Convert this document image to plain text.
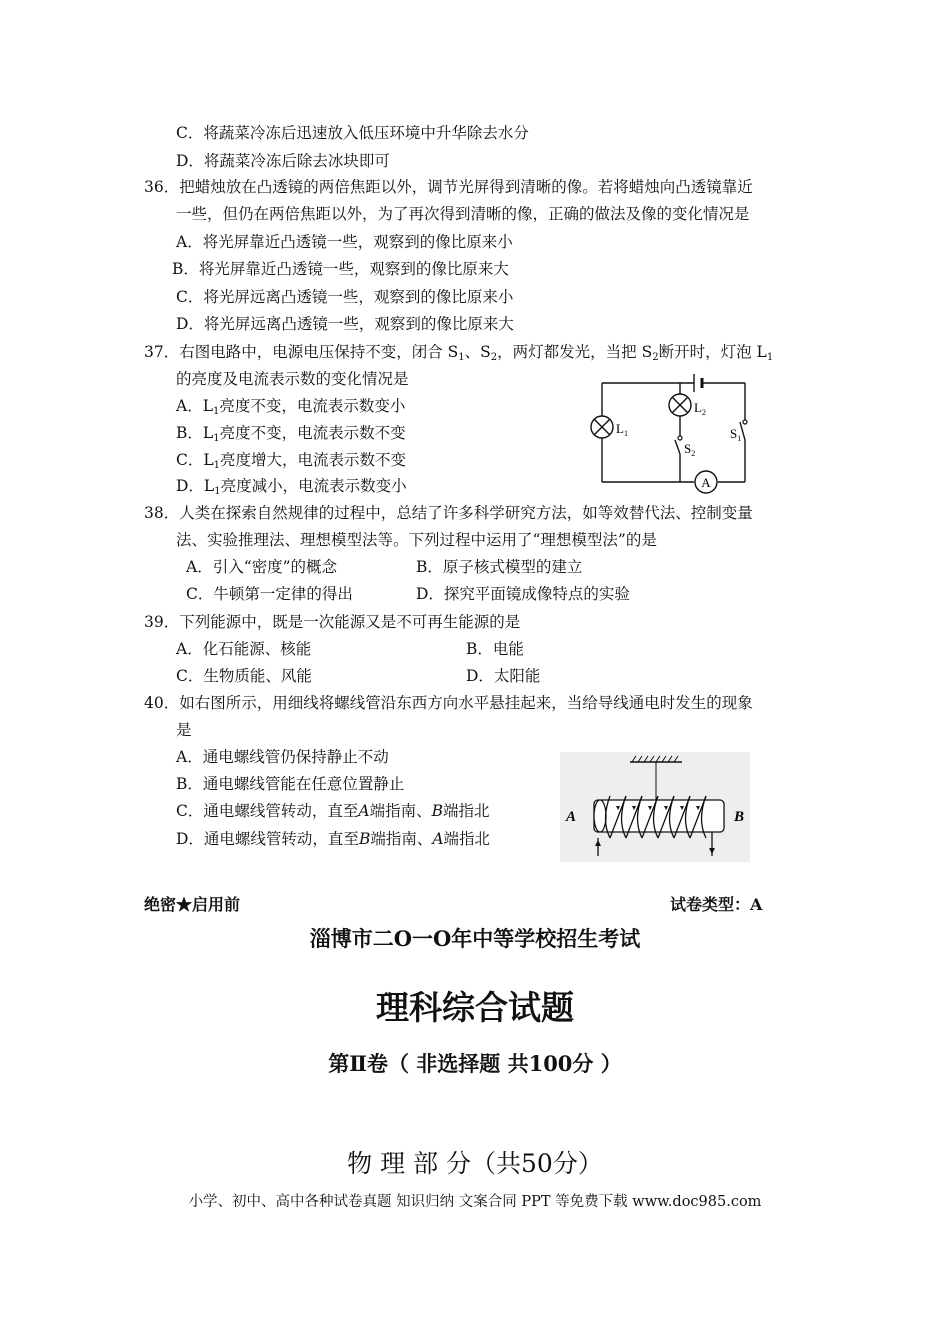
C．将蔬菜冷冻后迅速放入低压环境中升华除去水分
D．将蔬菜冷冻后除去冰块即可
36．把蜡烛放在凸透镜的两倍焦距以外，调节光屏得到清晰的像。若将蜡烛向凸透镜靠近
一些，但仍在两倍焦距以外，为了再次得到清晰的像，正确的做法及像的变化情况是
A．将光屏靠近凸透镜一些，观察到的像比原来小
B．将光屏靠近凸透镜一些，观察到的像比原来大
C．将光屏远离凸透镜一些，观察到的像比原来小
D．将光屏远离凸透镜一些，观察到的像比原来大
37．右图电路中，电源电压保持不变，闭合 $S_1$、$S_2$，两灯都发光，当把 $S_2$断开时，灯泡 $L_1$
的亮度及电流表示数的变化情况是
A．$L_1$亮度不变，电流表示数变小
B．$L_1$亮度不变，电流表示数不变
C．$L_1$亮度增大，电流表示数不变
D．$L_1$亮度减小，电流表示数变小
$L_1$
$L_2$
$S_1$
$S_2$
A
38．人类在探索自然规律的过程中，总结了许多科学研究方法，如等效替代法、控制变量
法、实验推理法、理想模型法等。下列过程中运用了“理想模型法”的是
A．引入“密度”的概念	B．原子核式模型的建立
C．牛顿第一定律的得出	D．探究平面镜成像特点的实验
39．下列能源中，既是一次能源又是不可再生能源的是
A．化石能源、核能	B．电能
C．生物质能、风能	D．太阳能
40．如右图所示，用细线将螺线管沿东西方向水平悬挂起来，当给导线通电时发生的现象
是
A．通电螺线管仍保持静止不动
B．通电螺线管能在任意位置静止
C．通电螺线管转动，直至A端指南、B端指北
D．通电螺线管转动，直至B端指南、A端指北
A	B
绝密★启用前	试卷类型：A
淄博市二O一O年中等学校招生考试
理科综合试题
第Ⅱ卷（ 非选择题 共100分 ）
物 理 部 分（共50分）
小学、初中、高中各种试卷真题 知识归纳 文案合同 PPT 等免费下载 www.doc985.com
